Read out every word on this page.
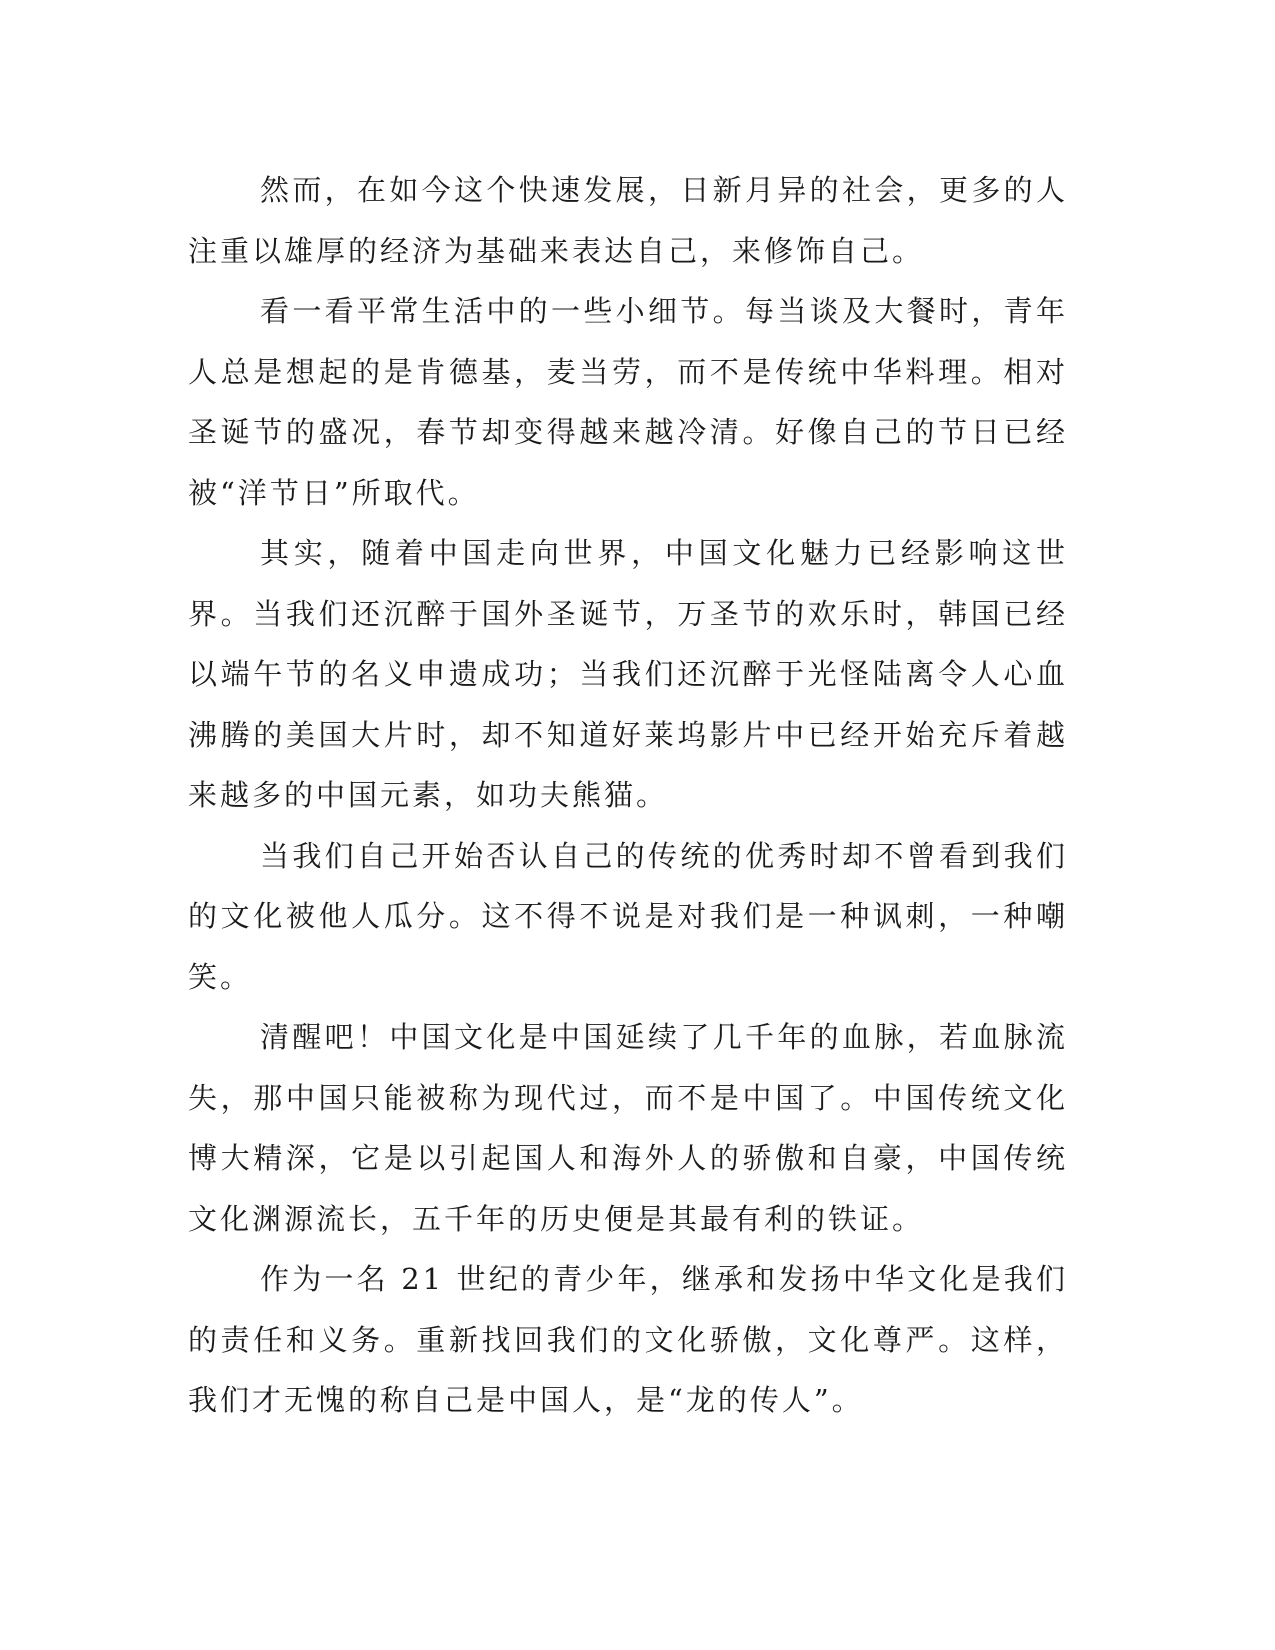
然而，在如今这个快速发展，日新月异的社会，更多的人注重以雄厚的经济为基础来表达自己，来修饰自己。

看一看平常生活中的一些小细节。每当谈及大餐时，青年人总是想起的是肯德基，麦当劳，而不是传统中华料理。相对圣诞节的盛况，春节却变得越来越冷清。好像自己的节日已经被“洋节日”所取代。

其实，随着中国走向世界，中国文化魅力已经影响这世界。当我们还沉醉于国外圣诞节，万圣节的欢乐时，韩国已经以端午节的名义申遗成功；当我们还沉醉于光怪陆离令人心血沸腾的美国大片时，却不知道好莱坞影片中已经开始充斥着越来越多的中国元素，如功夫熊猫。

当我们自己开始否认自己的传统的优秀时却不曾看到我们的文化被他人瓜分。这不得不说是对我们是一种讽刺，一种嘲笑。

清醒吧！中国文化是中国延续了几千年的血脉，若血脉流失，那中国只能被称为现代过，而不是中国了。中国传统文化博大精深，它是以引起国人和海外人的骄傲和自豪，中国传统文化渊源流长，五千年的历史便是其最有利的铁证。

作为一名 21 世纪的青少年，继承和发扬中华文化是我们的责任和义务。重新找回我们的文化骄傲，文化尊严。这样，我们才无愧的称自己是中国人，是“龙的传人”。
